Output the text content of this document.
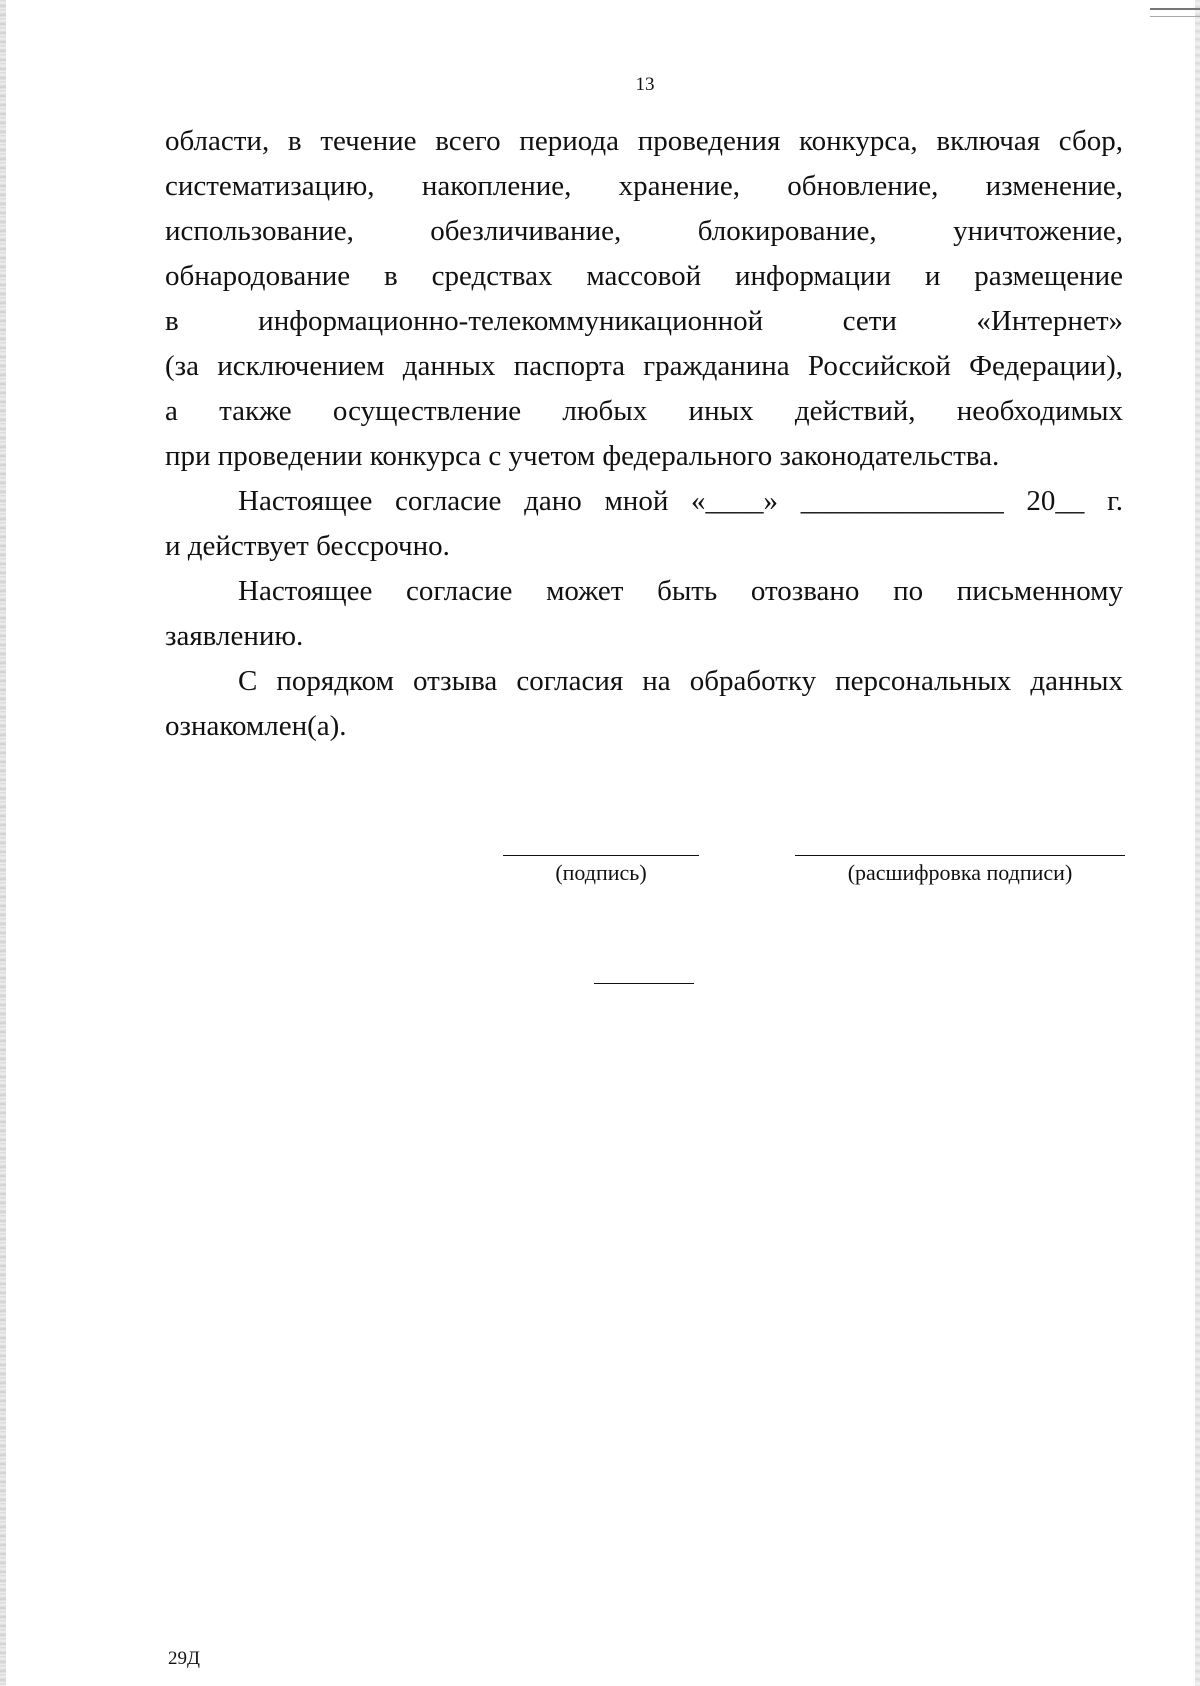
13
области, в течение всего периода проведения конкурса, включая сбор,
систематизацию, накопление, хранение, обновление, изменение,
использование, обезличивание, блокирование, уничтожение,
обнародование в средствах массовой информации и размещение
в информационно-телекоммуникационной сети «Интернет»
(за исключением данных паспорта гражданина Российской Федерации),
а также осуществление любых иных действий, необходимых
при проведении конкурса с учетом федерального законодательства.
Настоящее согласие дано мной «____» ______________ 20__ г.
и действует бессрочно.
Настоящее согласие может быть отозвано по письменному
заявлению.
С порядком отзыва согласия на обработку персональных данных
ознакомлен(а).
(подпись)	(расшифровка подписи)
29Д
